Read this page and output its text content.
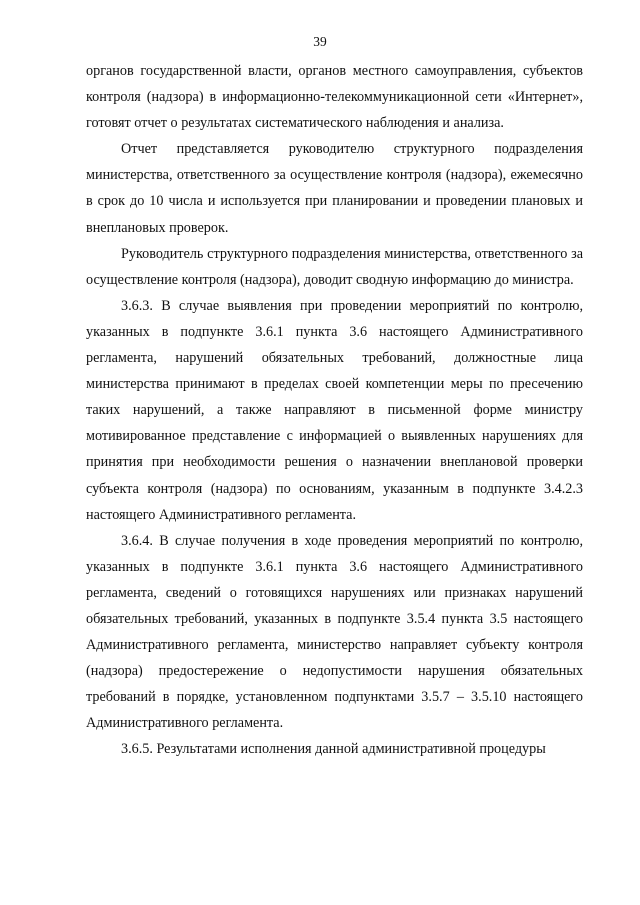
39

органов государственной власти, органов местного самоуправления, субъектов контроля (надзора) в информационно-телекоммуникационной сети «Интернет», готовят отчет о результатах систематического наблюдения и анализа.

Отчет представляется руководителю структурного подразделения министерства, ответственного за осуществление контроля (надзора), ежемесячно в срок до 10 числа и используется при планировании и проведении плановых и внеплановых проверок.

Руководитель структурного подразделения министерства, ответственного за осуществление контроля (надзора), доводит сводную информацию до министра.

3.6.3. В случае выявления при проведении мероприятий по контролю, указанных в подпункте 3.6.1 пункта 3.6 настоящего Административного регламента, нарушений обязательных требований, должностные лица министерства принимают в пределах своей компетенции меры по пресечению таких нарушений, а также направляют в письменной форме министру мотивированное представление с информацией о выявленных нарушениях для принятия при необходимости решения о назначении внеплановой проверки субъекта контроля (надзора) по основаниям, указанным в подпункте 3.4.2.3 настоящего Административного регламента.

3.6.4. В случае получения в ходе проведения мероприятий по контролю, указанных в подпункте 3.6.1 пункта 3.6 настоящего Административного регламента, сведений о готовящихся нарушениях или признаках нарушений обязательных требований, указанных в подпункте 3.5.4 пункта 3.5 настоящего Административного регламента, министерство направляет субъекту контроля (надзора) предостережение о недопустимости нарушения обязательных требований в порядке, установленном подпунктами 3.5.7 – 3.5.10 настоящего Административного регламента.

3.6.5. Результатами исполнения данной административной процедуры
